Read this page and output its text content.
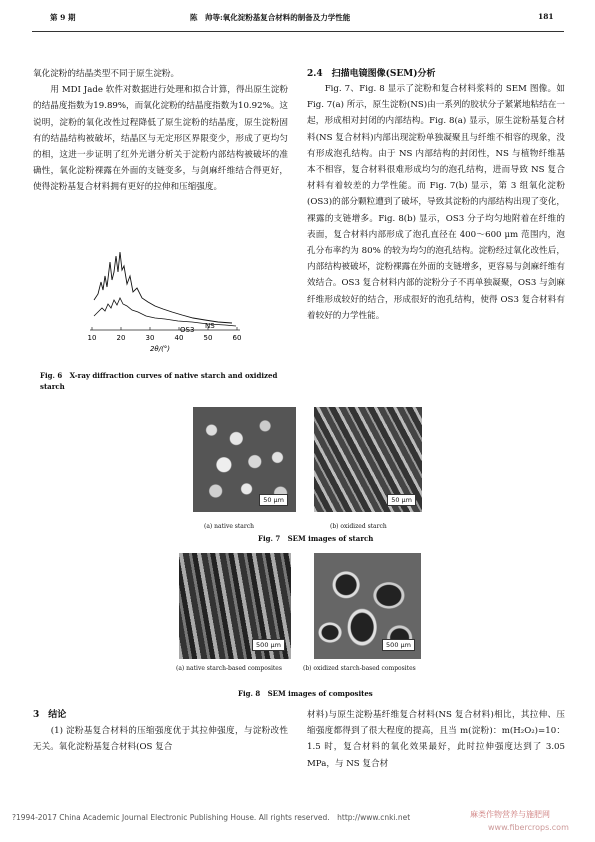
第 9 期	陈　帅等:氧化淀粉基复合材料的制备及力学性能	181

氧化淀粉的结晶类型不同于原生淀粉。

　　用 MDI Jade 软件对数据进行处理和拟合计算，得出原生淀粉的结晶度指数为19.89%，而氧化淀粉的结晶度指数为10.92%。这说明，淀粉的氧化改性过程降低了原生淀粉的结晶度，原生淀粉固有的结晶结构被破坏，结晶区与无定形区界限变少，形成了更均匀的相，这进一步证明了红外光谱分析关于淀粉内部结构被破坏的准确性，氧化淀粉裸露在外面的支链变多，与剑麻纤维结合得更好，使得淀粉基复合材料拥有更好的拉伸和压缩强度。

OS3 NS
10	20	30	40	50	60
2θ/(°)
Fig. 6 X-ray diffraction curves of native starch and oxidized starch
2.4　扫描电镜图像(SEM)分析

　　Fig. 7、Fig. 8 显示了淀粉和复合材料浆料的 SEM 图像。如 Fig. 7(a) 所示，原生淀粉(NS)由一系列的胶状分子紧紧地粘结在一起，形成相对封闭的内部结构。Fig. 8(a) 显示，原生淀粉基复合材料(NS 复合材料)内部出现淀粉单独凝聚且与纤维不相容的现象，没有形成泡孔结构。由于 NS 内部结构的封闭性，NS 与植物纤维基本不相容，复合材料很难形成均匀的泡孔结构，进而导致 NS 复合材料有着较差的力学性能。而 Fig. 7(b) 显示，第 3 组氧化淀粉(OS3)的部分颗粒遭到了破坏，导致其淀粉的内部结构出现了变化，裸露的支链增多。Fig. 8(b) 显示，OS3 分子均匀地附着在纤维的表面，复合材料内部形成了泡孔直径在 400～600 μm 范围内，泡孔分布率约为 80% 的较为均匀的泡孔结构。淀粉经过氧化改性后，内部结构被破坏，淀粉裸露在外面的支链增多，更容易与剑麻纤维有效结合。OS3 复合材料内部的淀粉分子不再单独凝聚，OS3 与剑麻纤维形成较好的结合，形成很好的泡孔结构，使得 OS3 复合材料有着较好的力学性能。

50 μm	50 μm
(a) native starch	(b) oxidized starch
Fig. 7 SEM images of starch
500 μm	500 μm
(a) native starch-based composites	(b) oxidized starch-based composites
Fig. 8 SEM images of composites
3　结论

　　(1) 淀粉基复合材料的压缩强度优于其拉伸强度，与淀粉改性无关。氧化淀粉基复合材料(OS 复合

材料)与原生淀粉基纤维复合材料(NS 复合材料)相比，其拉伸、压缩强度都得到了很大程度的提高，且当 m(淀粉)：m(H₂O₂)=10：1.5 时，复合材料的氧化效果最好，此时拉伸强度达到了 3.05 MPa，与 NS 复合材

?1994-2017 China Academic Journal Electronic Publishing House. All rights reserved.　http://www.cnki.net	麻类作物营养与施肥网
www.fibercrops.com
